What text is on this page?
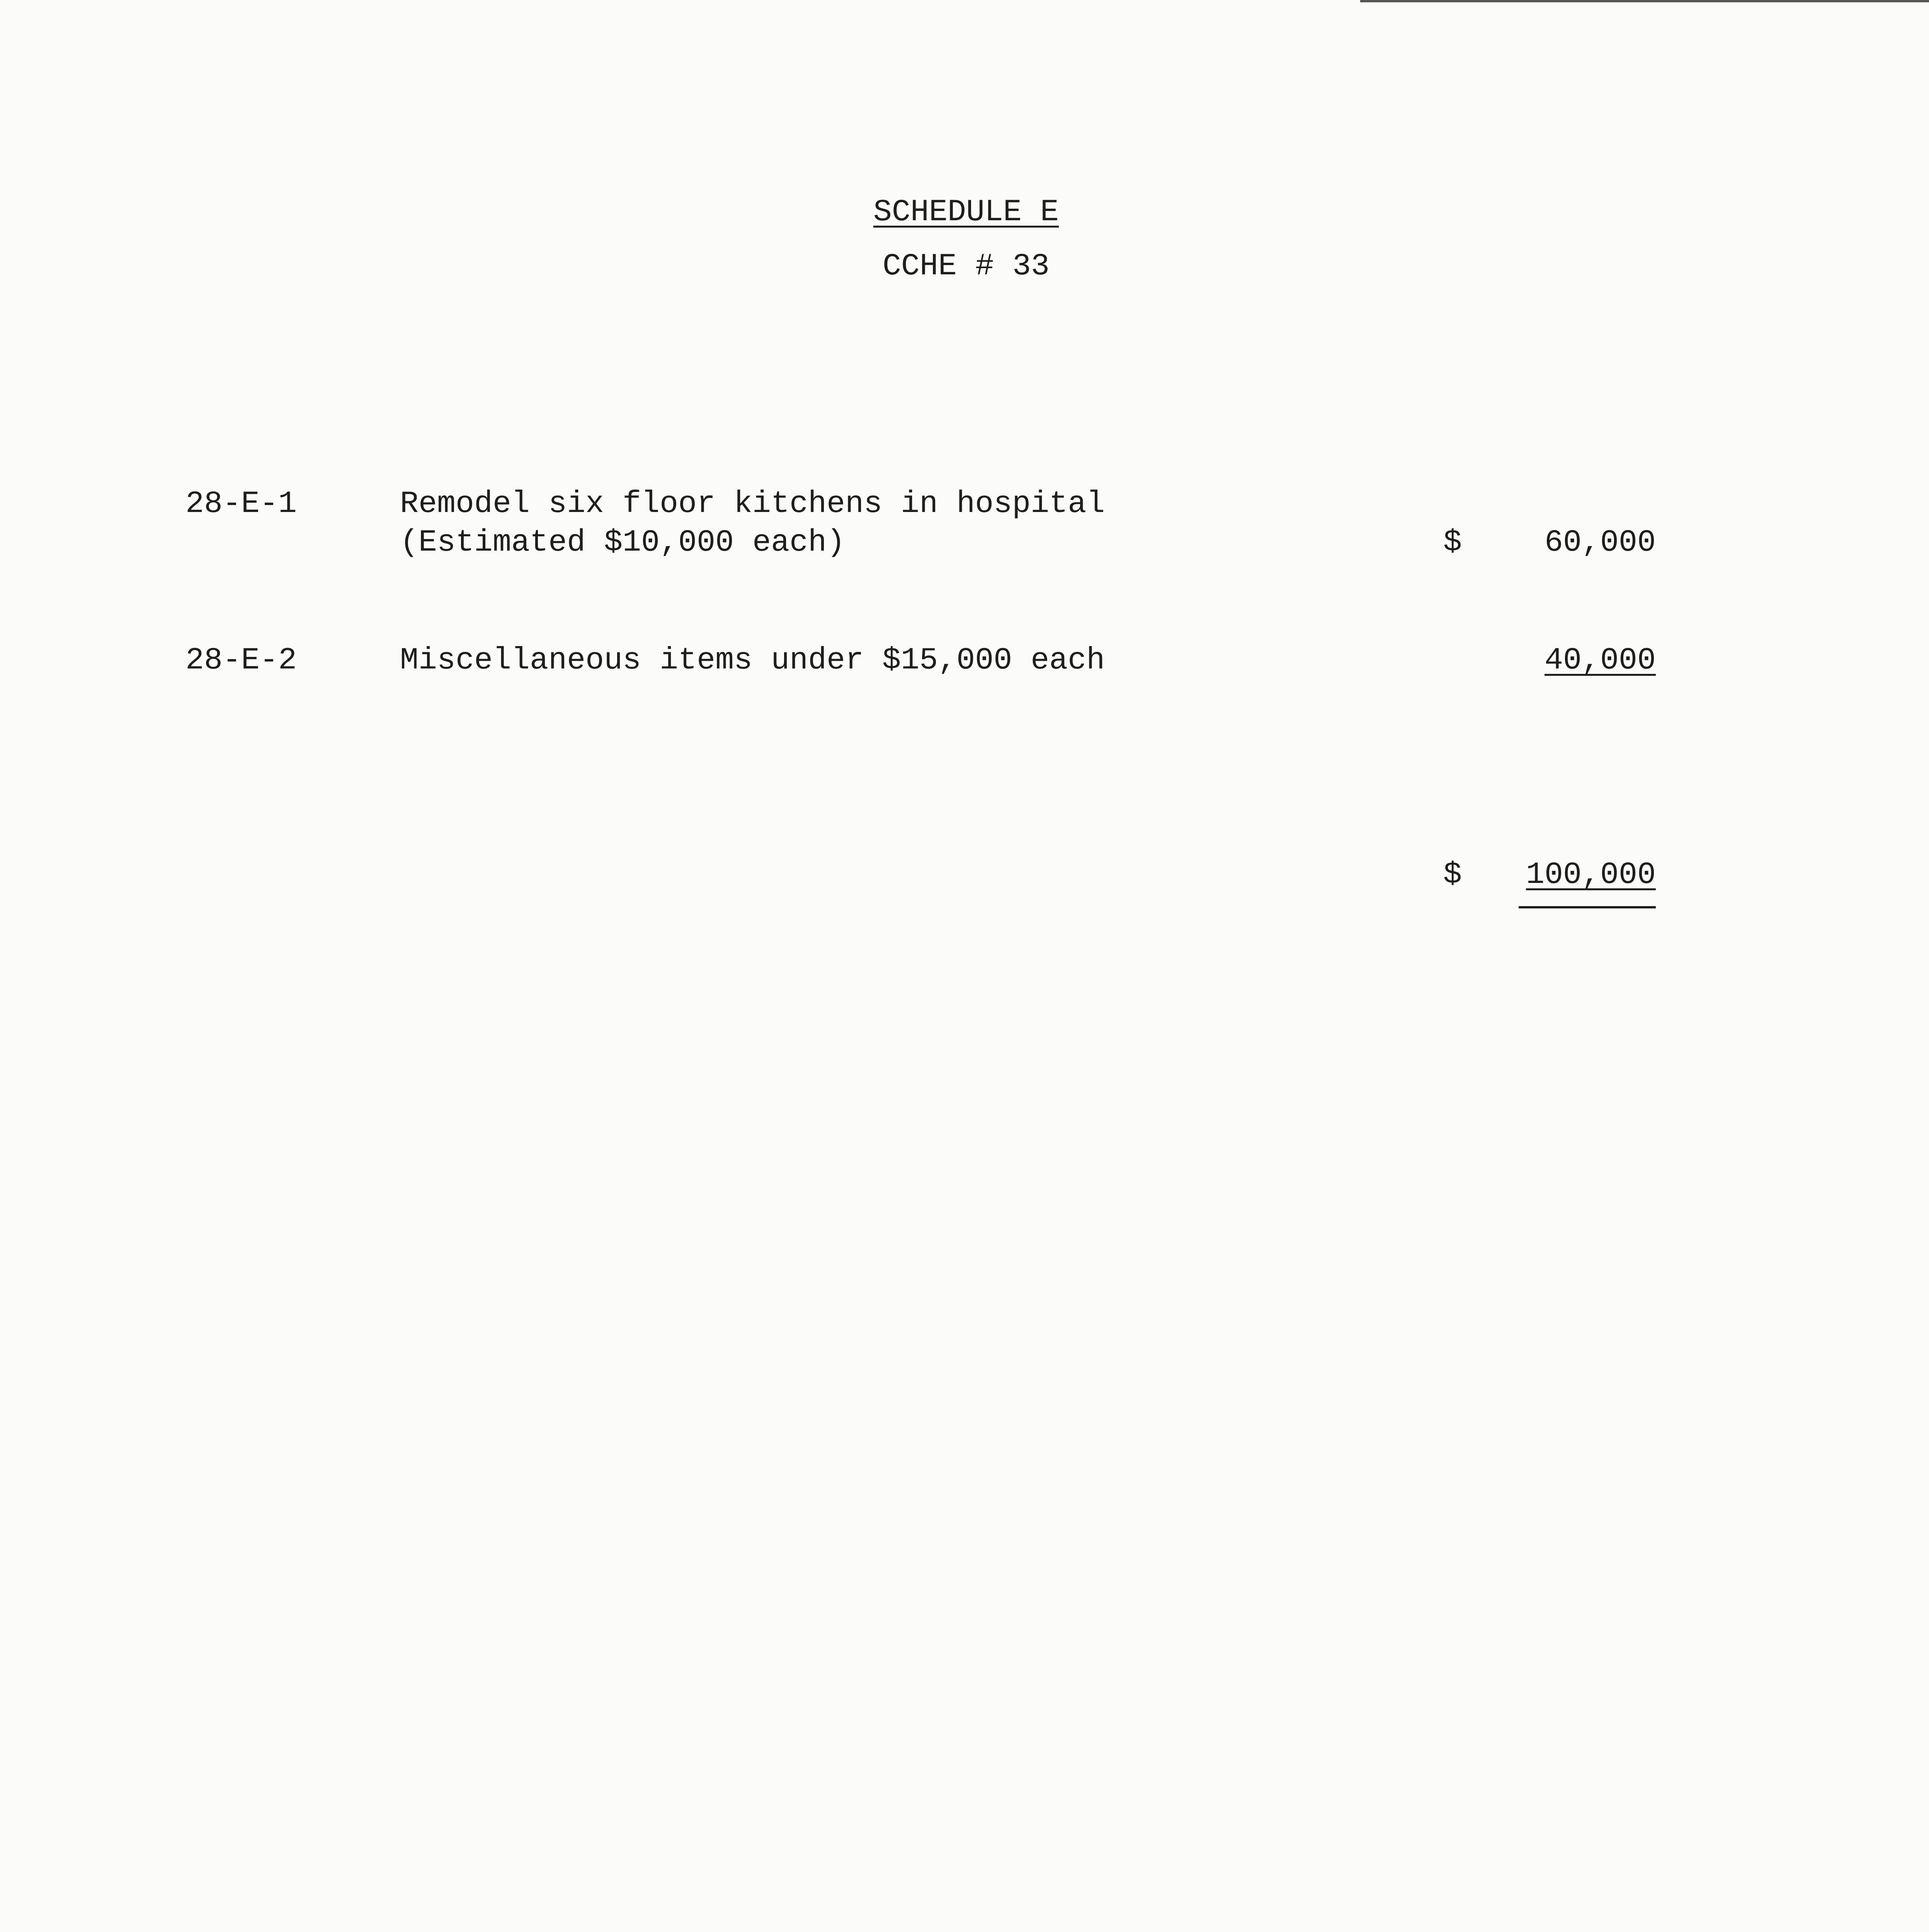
SCHEDULE E
CCHE # 33
28-E-1	Remodel six floor kitchens in hospital
(Estimated $10,000 each)	$	60,000
28-E-2	Miscellaneous items under $15,000 each	40,000
$ 100,000
